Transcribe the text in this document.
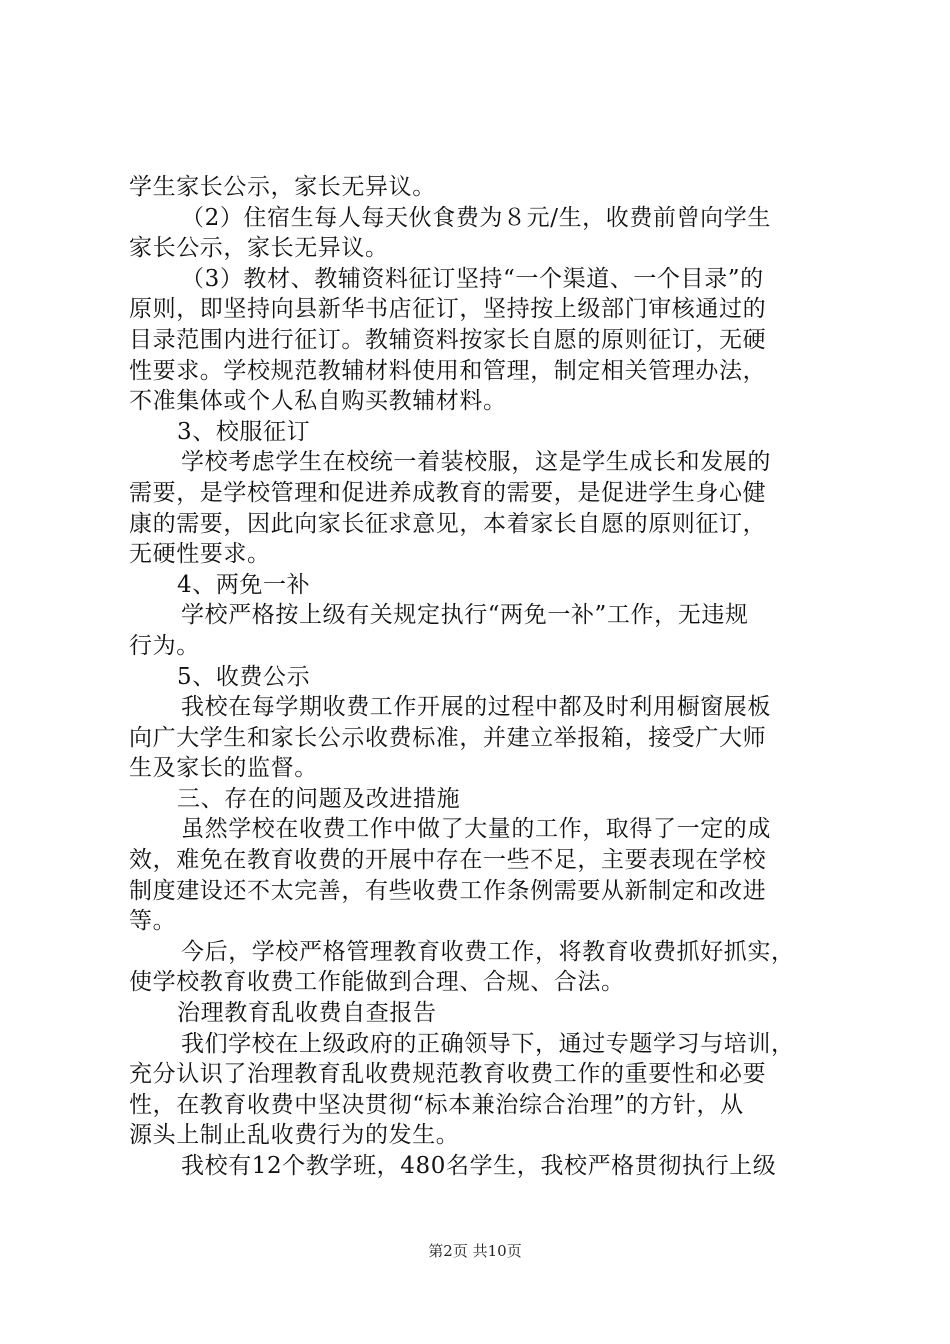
学生家长公示，家长无异议。
（2）住宿生每人每天伙食费为８元/生，收费前曾向学生
家长公示，家长无异议。
（3）教材、教辅资料征订坚持“一个渠道、一个目录”的
原则，即坚持向县新华书店征订，坚持按上级部门审核通过的
目录范围内进行征订。教辅资料按家长自愿的原则征订，无硬
性要求。学校规范教辅材料使用和管理，制定相关管理办法，
不准集体或个人私自购买教辅材料。
3、校服征订
学校考虑学生在校统一着装校服，这是学生成长和发展的
需要，是学校管理和促进养成教育的需要，是促进学生身心健
康的需要，因此向家长征求意见，本着家长自愿的原则征订，
无硬性要求。
4、两免一补
学校严格按上级有关规定执行“两免一补”工作，无违规
行为。
5、收费公示
我校在每学期收费工作开展的过程中都及时利用橱窗展板
向广大学生和家长公示收费标准，并建立举报箱，接受广大师
生及家长的监督。
三、存在的问题及改进措施
虽然学校在收费工作中做了大量的工作，取得了一定的成
效，难免在教育收费的开展中存在一些不足，主要表现在学校
制度建设还不太完善，有些收费工作条例需要从新制定和改进
等。
今后，学校严格管理教育收费工作，将教育收费抓好抓实，
使学校教育收费工作能做到合理、合规、合法。
治理教育乱收费自查报告
我们学校在上级政府的正确领导下，通过专题学习与培训，
充分认识了治理教育乱收费规范教育收费工作的重要性和必要
性，在教育收费中坚决贯彻“标本兼治综合治理”的方针，从
源头上制止乱收费行为的发生。
我校有12个教学班，480名学生，我校严格贯彻执行上级
第2页 共10页
